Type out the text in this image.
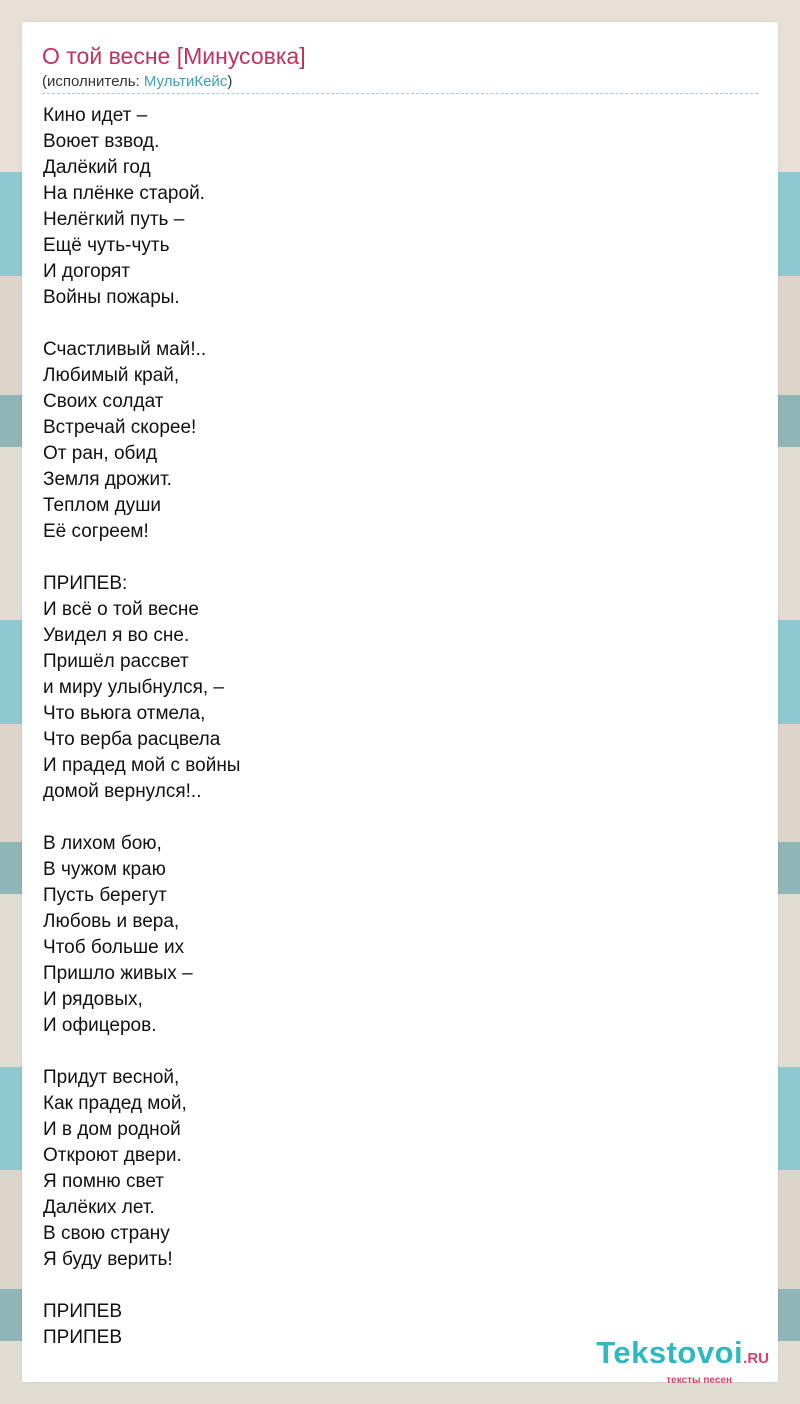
О той весне [Минусовка]
(исполнитель: МультиКейс)
Кино идет –
Воюет взвод.
Далёкий год
На плёнке старой.
Нелёгкий путь –
Ещё чуть-чуть
И догорят
Войны пожары.
Счастливый май!..
Любимый край,
Своих солдат
Встречай скорее!
От ран, обид
Земля дрожит.
Теплом души
Её согреем!
ПРИПЕВ:
И всё о той весне
Увидел я во сне.
Пришёл рассвет
и миру улыбнулся, –
Что вьюга отмела,
Что верба расцвела
И прадед мой с войны
домой вернулся!..
В лихом бою,
В чужом краю
Пусть берегут
Любовь и вера,
Чтоб больше их
Пришло живых –
И рядовых,
И офицеров.
Придут весной,
Как прадед мой,
И в дом родной
Откроют двери.
Я помню свет
Далёких лет.
В свою страну
Я буду верить!
ПРИПЕВ
ПРИПЕВ	Tekstovoi.RU
тексты песен
